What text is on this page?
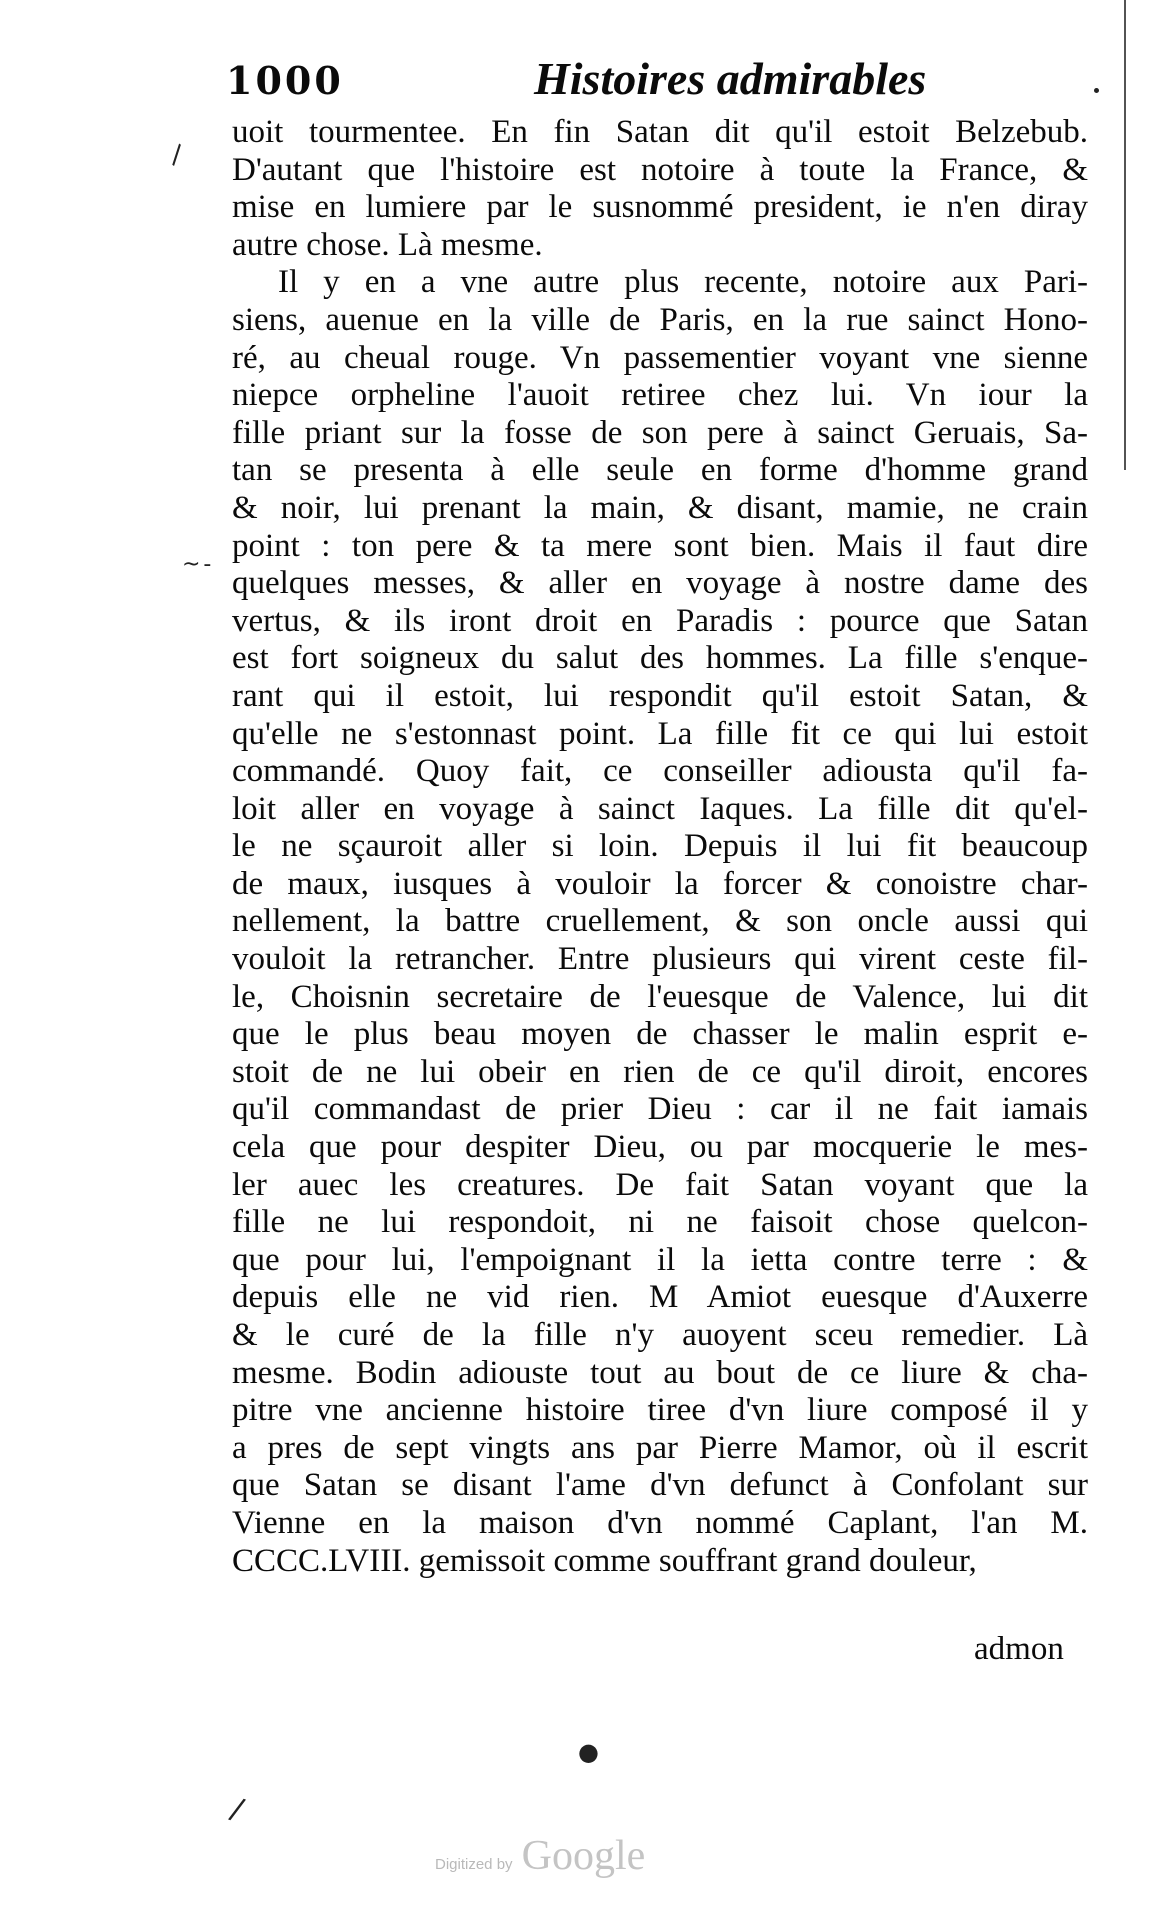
1000	Histoires admirables
uoit tourmentee. En fin Satan dit qu'il estoit Belzebub.
D'autant que l'histoire est notoire à toute la France, &
mise en lumiere par le susnommé president, ie n'en diray
autre chose. Là mesme.
Il y en a vne autre plus recente, notoire aux Pari-
siens, auenue en la ville de Paris, en la rue sainct Hono-
ré, au cheual rouge. Vn passementier voyant vne sienne
niepce orpheline l'auoit retiree chez lui. Vn iour la
fille priant sur la fosse de son pere à sainct Geruais, Sa-
tan se presenta à elle seule en forme d'homme grand
& noir, lui prenant la main, & disant, mamie, ne crain
point : ton pere & ta mere sont bien. Mais il faut dire
quelques messes, & aller en voyage à nostre dame des
vertus, & ils iront droit en Paradis : pource que Satan
est fort soigneux du salut des hommes. La fille s'enque-
rant qui il estoit, lui respondit qu'il estoit Satan, &
qu'elle ne s'estonnast point. La fille fit ce qui lui estoit
commandé. Quoy fait, ce conseiller adiousta qu'il fa-
loit aller en voyage à sainct Iaques. La fille dit qu'el-
le ne sçauroit aller si loin. Depuis il lui fit beaucoup
de maux, iusques à vouloir la forcer & conoistre char-
nellement, la battre cruellement, & son oncle aussi qui
vouloit la retrancher. Entre plusieurs qui virent ceste fil-
le, Choisnin secretaire de l'euesque de Valence, lui dit
que le plus beau moyen de chasser le malin esprit e-
stoit de ne lui obeir en rien de ce qu'il diroit, encores
qu'il commandast de prier Dieu : car il ne fait iamais
cela que pour despiter Dieu, ou par mocquerie le mes-
ler auec les creatures. De fait Satan voyant que la
fille ne lui respondoit, ni ne faisoit chose quelcon-
que pour lui, l'empoignant il la ietta contre terre : &
depuis elle ne vid rien. M Amiot euesque d'Auxerre
& le curé de la fille n'y auoyent sceu remedier. Là
mesme. Bodin adiouste tout au bout de ce liure & cha-
pitre vne ancienne histoire tiree d'vn liure composé il y
a pres de sept vingts ans par Pierre Mamor, où il escrit
que Satan se disant l'ame d'vn defunct à Confolant sur
Vienne en la maison d'vn nommé Caplant, l'an M.
CCCC.LVIII. gemissoit comme souffrant grand douleur,
admon
\
~ -
●
/
Digitized by Google
